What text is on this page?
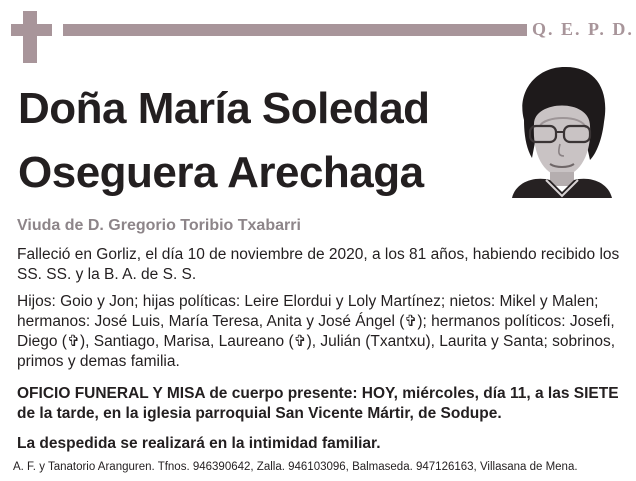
Q. E. P. D.
Doña María Soledad
Oseguera Arechaga
Viuda de D. Gregorio Toribio Txabarri

Falleció en Gorliz, el día 10 de noviembre de 2020, a los 81 años, habiendo recibido los SS. SS. y la B. A. de S. S.

Hijos: Goio y Jon; hijas políticas: Leire Elordui y Loly Martínez; nietos: Mikel y Malen; hermanos: José Luis, María Teresa, Anita y José Ángel (✞); hermanos políticos: Josefi, Diego (✞), Santiago, Marisa, Laureano (✞), Julián (Txantxu), Laurita y Santa; sobrinos, primos y demas familia.

OFICIO FUNERAL Y MISA de cuerpo presente: HOY, miércoles, día 11, a las SIETE de la tarde, en la iglesia parroquial San Vicente Mártir, de Sodupe.

La despedida se realizará en la intimidad familiar.

A. F. y Tanatorio Aranguren. Tfnos. 946390642, Zalla. 946103096, Balmaseda. 947126163, Villasana de Mena.
